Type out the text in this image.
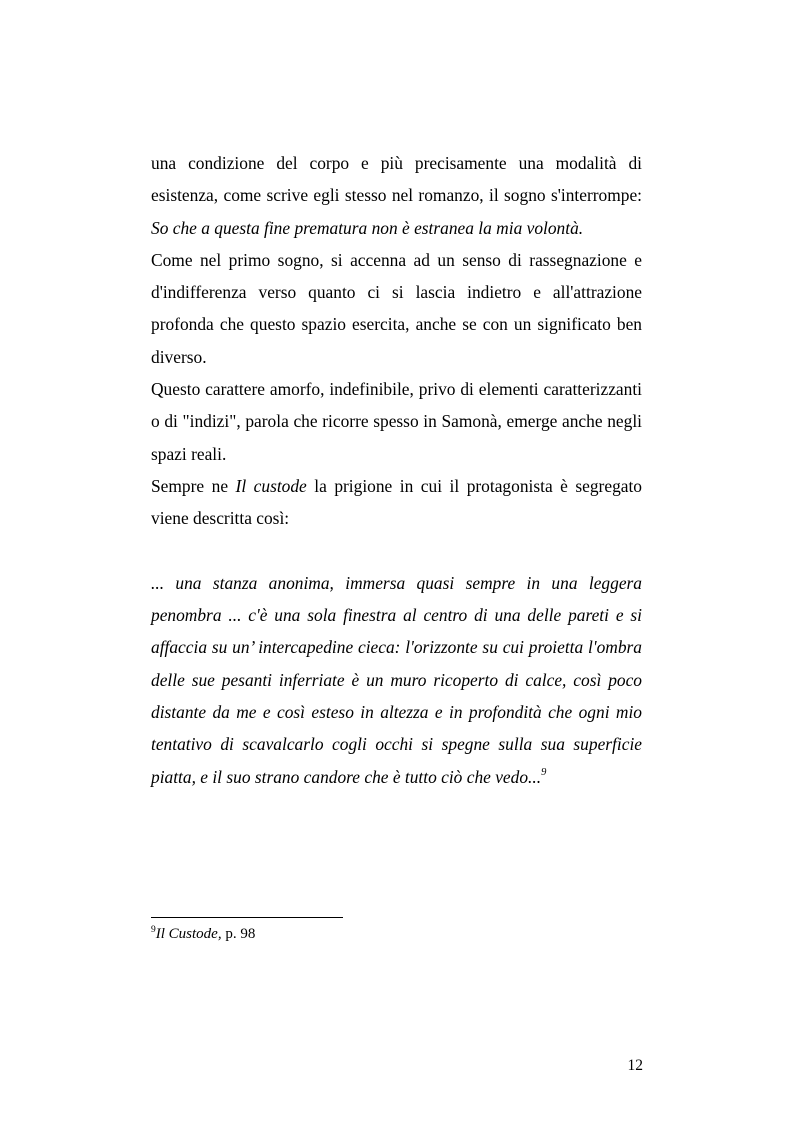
una condizione del corpo e più precisamente una modalità di esistenza, come scrive egli stesso nel romanzo, il sogno s'interrompe: So che a questa fine prematura non è estranea la mia volontà.

Come nel primo sogno, si accenna ad un senso di rassegnazione e d'indifferenza verso quanto ci si lascia indietro e all'attrazione profonda che questo spazio esercita, anche se con un significato ben diverso.

Questo carattere amorfo, indefinibile, privo di elementi caratterizzanti o di "indizi", parola che ricorre spesso in Samonà, emerge anche negli spazi reali.

Sempre ne Il custode la prigione in cui il protagonista è segregato viene descritta così:

... una stanza anonima, immersa quasi sempre in una leggera penombra ... c'è una sola finestra al centro di una delle pareti e si affaccia su un’ intercapedine cieca: l'orizzonte su cui proietta l'ombra delle sue pesanti inferriate è un muro ricoperto di calce, così poco distante da me e così esteso in altezza e in profondità che ogni mio tentativo di scavalcarlo cogli occhi si spegne sulla sua superficie piatta, e il suo strano candore che è tutto ciò che vedo...$^9$

$^9$Il Custode, p. 98
12
